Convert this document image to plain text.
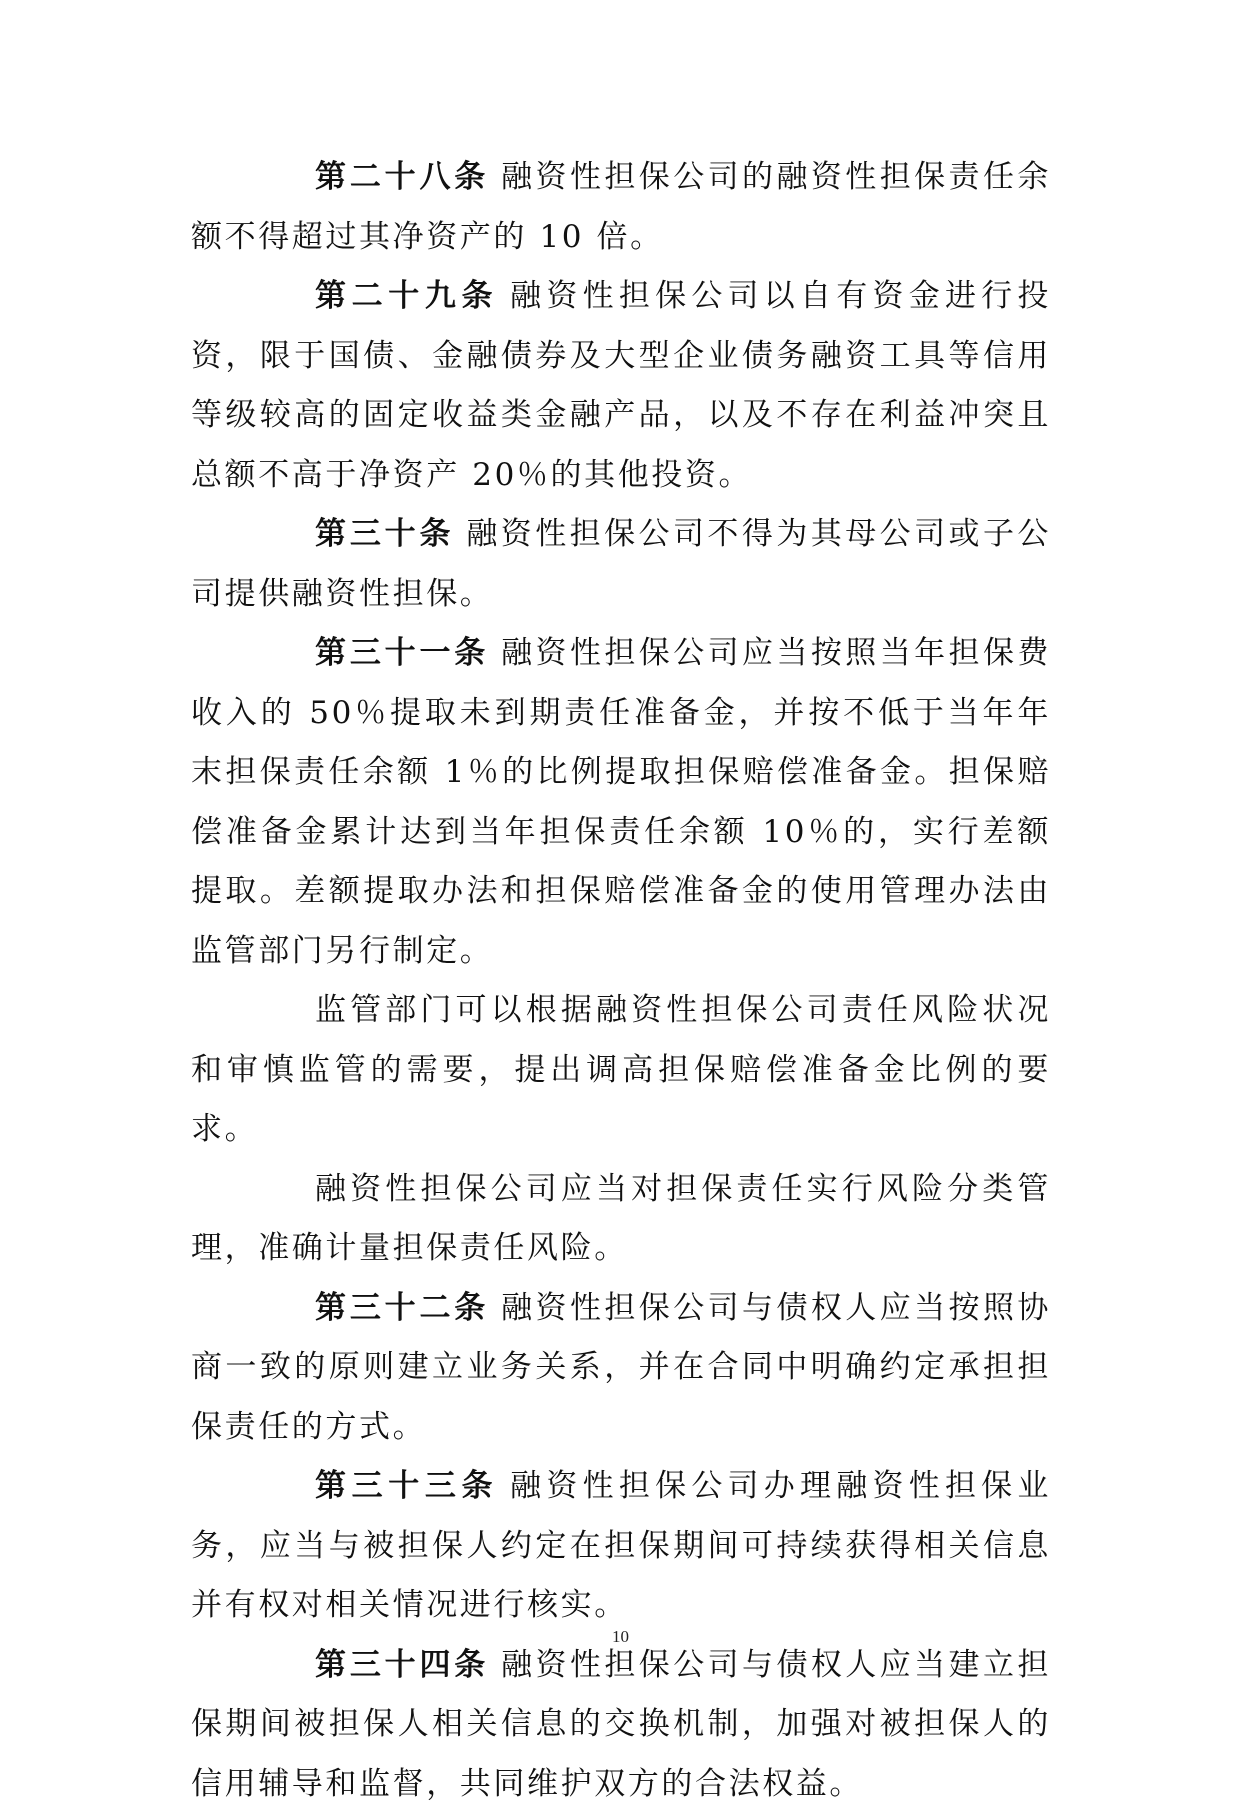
第二十八条 融资性担保公司的融资性担保责任余额不得超过其净资产的 10 倍。

第二十九条 融资性担保公司以自有资金进行投资，限于国债、金融债券及大型企业债务融资工具等信用等级较高的固定收益类金融产品，以及不存在利益冲突且总额不高于净资产 20％的其他投资。

第三十条 融资性担保公司不得为其母公司或子公司提供融资性担保。

第三十一条 融资性担保公司应当按照当年担保费收入的 50％提取未到期责任准备金，并按不低于当年年末担保责任余额 1％的比例提取担保赔偿准备金。担保赔偿准备金累计达到当年担保责任余额 10％的，实行差额提取。差额提取办法和担保赔偿准备金的使用管理办法由监管部门另行制定。

监管部门可以根据融资性担保公司责任风险状况和审慎监管的需要，提出调高担保赔偿准备金比例的要求。

融资性担保公司应当对担保责任实行风险分类管理，准确计量担保责任风险。

第三十二条 融资性担保公司与债权人应当按照协商一致的原则建立业务关系，并在合同中明确约定承担担保责任的方式。

第三十三条 融资性担保公司办理融资性担保业务，应当与被担保人约定在担保期间可持续获得相关信息并有权对相关情况进行核实。

第三十四条 融资性担保公司与债权人应当建立担保期间被担保人相关信息的交换机制，加强对被担保人的信用辅导和监督，共同维护双方的合法权益。

10
